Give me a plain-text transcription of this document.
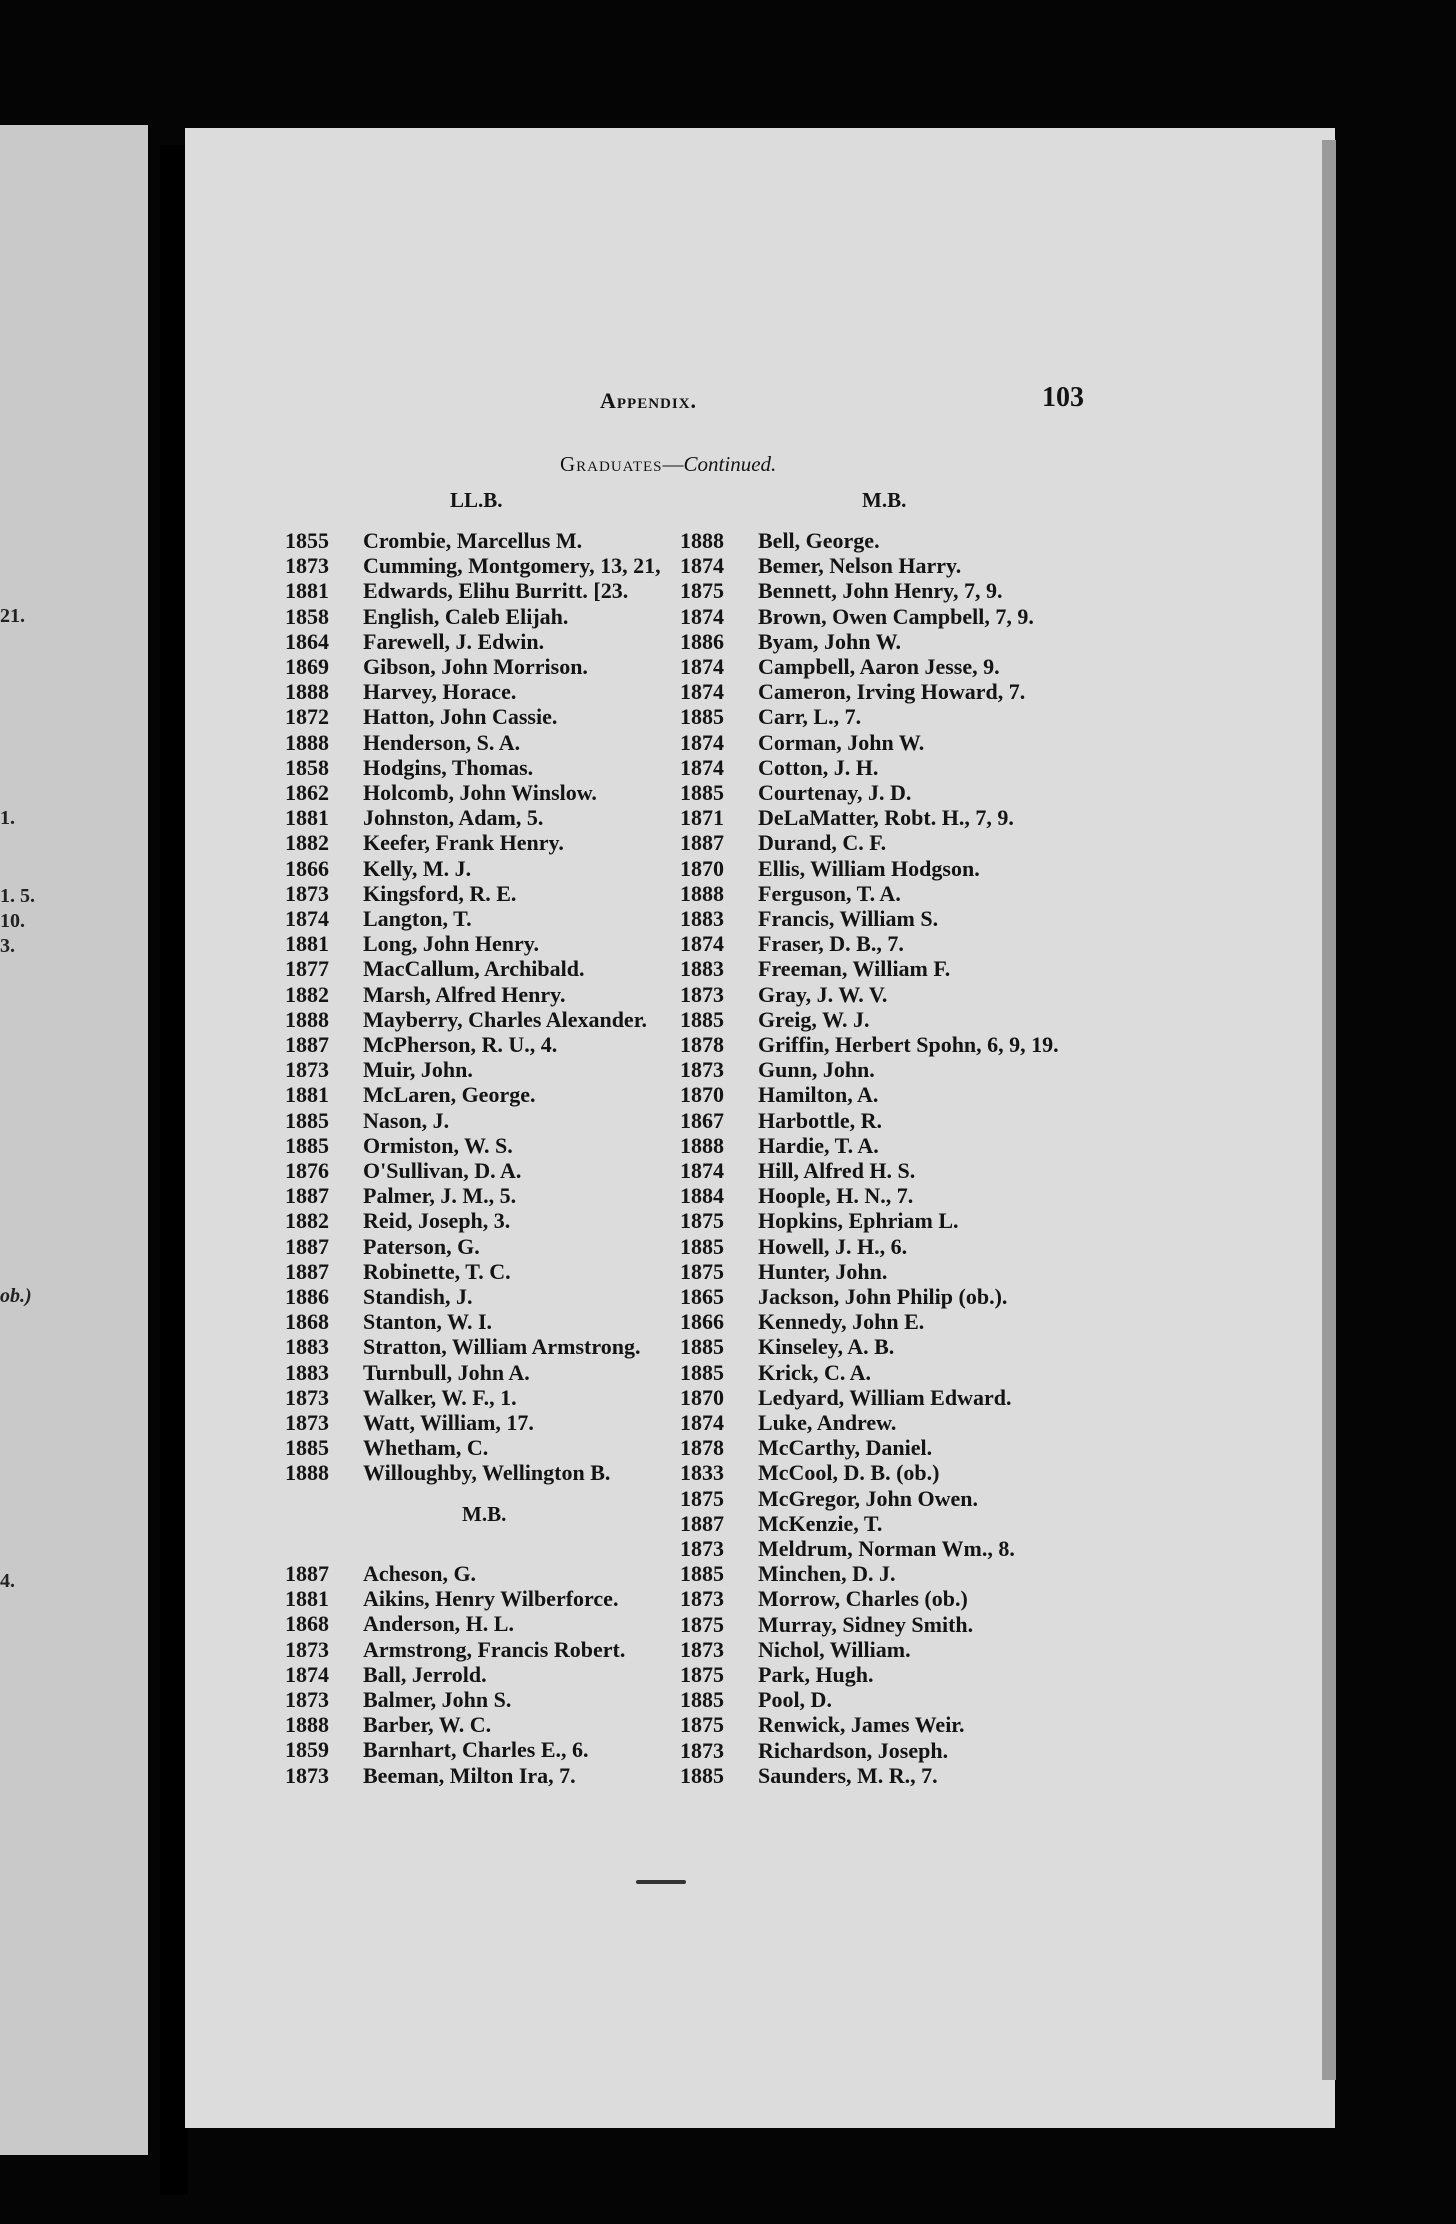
21.
1.
1. 5.
10.
3.
ob.)
4.
Appendix.	103
Graduates—Continued.
LL.B.	M.B.
M.B.
1855	Crombie, Marcellus M.
1873	Cumming, Montgomery, 13, 21,
1881	Edwards, Elihu Burritt. [23.
1858	English, Caleb Elijah.
1864	Farewell, J. Edwin.
1869	Gibson, John Morrison.
1888	Harvey, Horace.
1872	Hatton, John Cassie.
1888	Henderson, S. A.
1858	Hodgins, Thomas.
1862	Holcomb, John Winslow.
1881	Johnston, Adam, 5.
1882	Keefer, Frank Henry.
1866	Kelly, M. J.
1873	Kingsford, R. E.
1874	Langton, T.
1881	Long, John Henry.
1877	MacCallum, Archibald.
1882	Marsh, Alfred Henry.
1888	Mayberry, Charles Alexander.
1887	McPherson, R. U., 4.
1873	Muir, John.
1881	McLaren, George.
1885	Nason, J.
1885	Ormiston, W. S.
1876	O'Sullivan, D. A.
1887	Palmer, J. M., 5.
1882	Reid, Joseph, 3.
1887	Paterson, G.
1887	Robinette, T. C.
1886	Standish, J.
1868	Stanton, W. I.
1883	Stratton, William Armstrong.
1883	Turnbull, John A.
1873	Walker, W. F., 1.
1873	Watt, William, 17.
1885	Whetham, C.
1888	Willoughby, Wellington B.
1887	Acheson, G.
1881	Aikins, Henry Wilberforce.
1868	Anderson, H. L.
1873	Armstrong, Francis Robert.
1874	Ball, Jerrold.
1873	Balmer, John S.
1888	Barber, W. C.
1859	Barnhart, Charles E., 6.
1873	Beeman, Milton Ira, 7.
1888	Bell, George.
1874	Bemer, Nelson Harry.
1875	Bennett, John Henry, 7, 9.
1874	Brown, Owen Campbell, 7, 9.
1886	Byam, John W.
1874	Campbell, Aaron Jesse, 9.
1874	Cameron, Irving Howard, 7.
1885	Carr, L., 7.
1874	Corman, John W.
1874	Cotton, J. H.
1885	Courtenay, J. D.
1871	DeLaMatter, Robt. H., 7, 9.
1887	Durand, C. F.
1870	Ellis, William Hodgson.
1888	Ferguson, T. A.
1883	Francis, William S.
1874	Fraser, D. B., 7.
1883	Freeman, William F.
1873	Gray, J. W. V.
1885	Greig, W. J.
1878	Griffin, Herbert Spohn, 6, 9, 19.
1873	Gunn, John.
1870	Hamilton, A.
1867	Harbottle, R.
1888	Hardie, T. A.
1874	Hill, Alfred H. S.
1884	Hoople, H. N., 7.
1875	Hopkins, Ephriam L.
1885	Howell, J. H., 6.
1875	Hunter, John.
1865	Jackson, John Philip (ob.).
1866	Kennedy, John E.
1885	Kinseley, A. B.
1885	Krick, C. A.
1870	Ledyard, William Edward.
1874	Luke, Andrew.
1878	McCarthy, Daniel.
1833	McCool, D. B. (ob.)
1875	McGregor, John Owen.
1887	McKenzie, T.
1873	Meldrum, Norman Wm., 8.
1885	Minchen, D. J.
1873	Morrow, Charles (ob.)
1875	Murray, Sidney Smith.
1873	Nichol, William.
1875	Park, Hugh.
1885	Pool, D.
1875	Renwick, James Weir.
1873	Richardson, Joseph.
1885	Saunders, M. R., 7.
